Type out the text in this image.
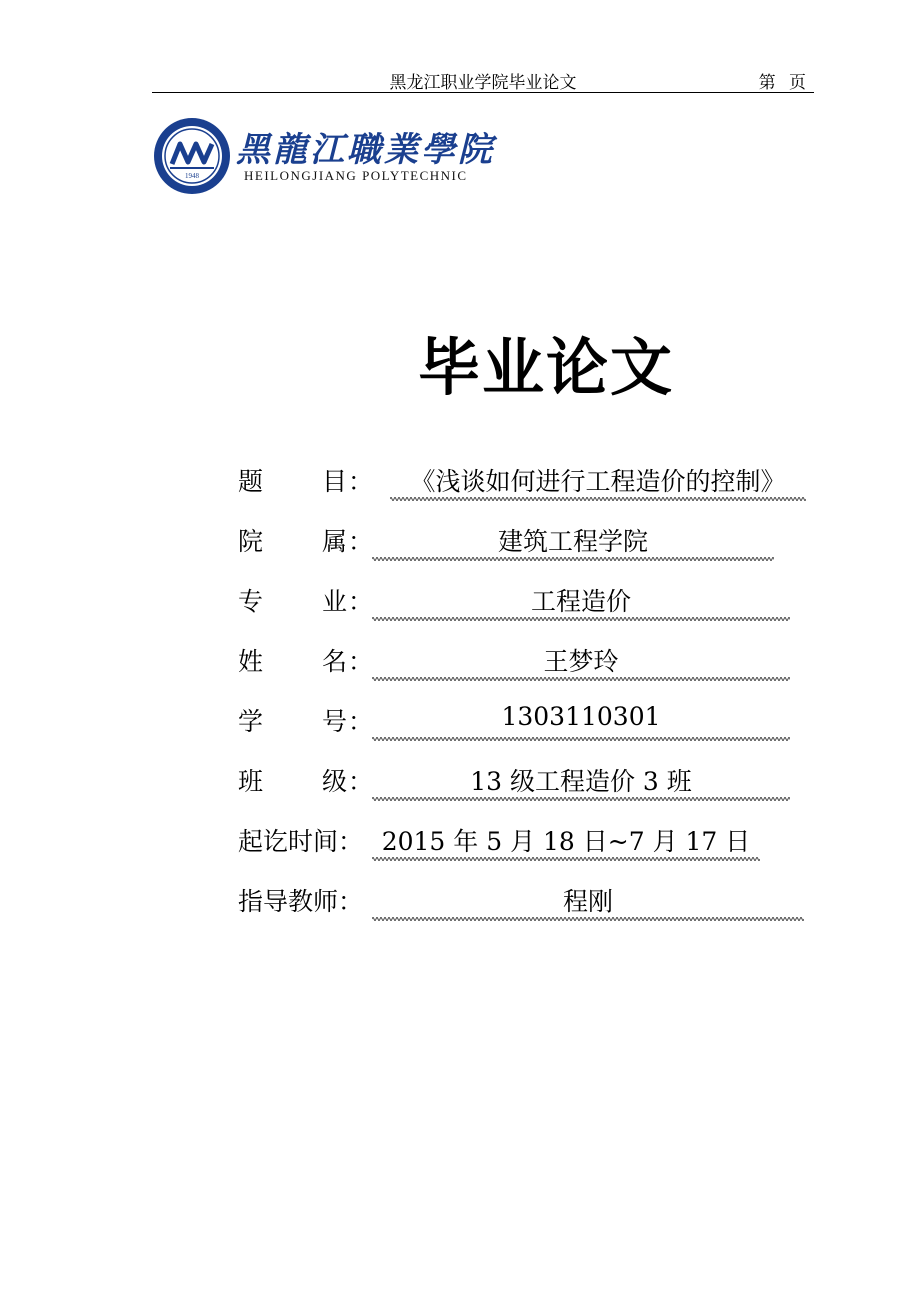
黑龙江职业学院毕业论文	第 页
1948
黑龍江職業學院
HEILONGJIANG POLYTECHNIC
毕业论文
题 目 ：	《浅谈如何进行工程造价的控制》
院 属 ：	建筑工程学院
专 业 ：	工程造价
姓 名 ：	王梦玲
学 号 ：	1303110301
班 级 ：	13 级工程造价 3 班
起讫时间： 2015 年 5 月 18 日~7 月 17 日
指导教师：	程刚
